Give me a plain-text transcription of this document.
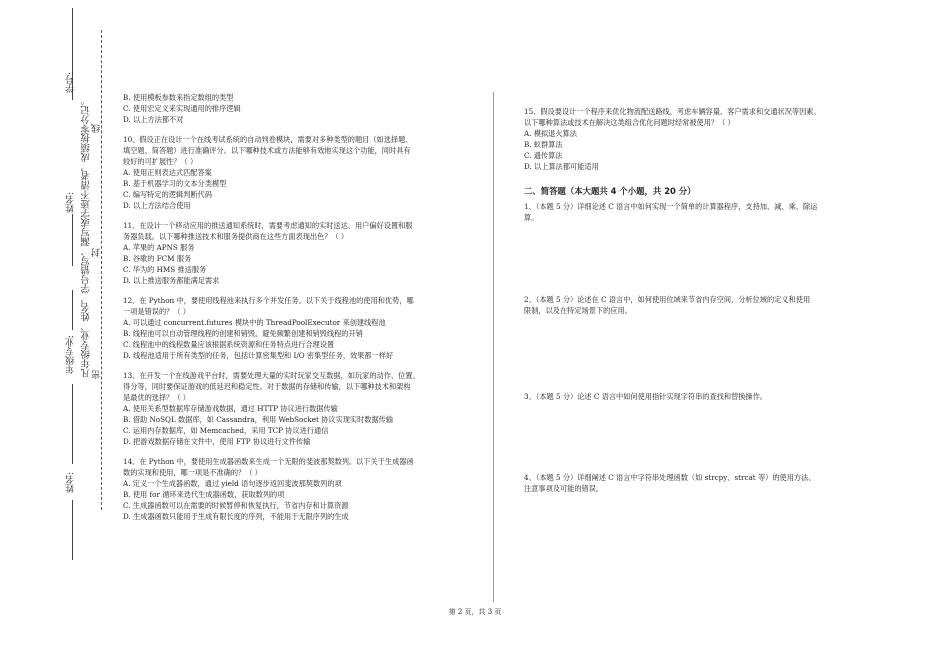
学号:
凡年级专业、姓名、学号错写、漏写或字迹不清者，成绩按零分记。 线
姓名:
封
年级专业:
密
姓名:

B. 使用模板参数来指定数组的类型

C. 使用宏定义来实现通用的排序逻辑

D. 以上方法都不对

10、假设正在设计一个在线考试系统的自动判卷模块，需要对多种类型的题目（如选择题、

填空题、简答题）进行准确评分。以下哪种技术或方法能够有效地实现这个功能，同时具有

较好的可扩展性？（ ）

A. 使用正则表达式匹配答案

B. 基于机器学习的文本分类模型

C. 编写特定的逻辑判断代码

D. 以上方法结合使用

11、在设计一个移动应用的推送通知系统时，需要考虑通知的实时送达、用户偏好设置和服

务器负载。以下哪种推送技术和服务提供商在这些方面表现出色？（ ）

A. 苹果的 APNS 服务

B. 谷歌的 FCM 服务

C. 华为的 HMS 推送服务

D. 以上推送服务都能满足需求

12、在 Python 中，要使用线程池来执行多个并发任务。以下关于线程池的使用和优势，哪

一项是错误的？（ ）

A. 可以通过 concurrent.futures 模块中的 ThreadPoolExecutor 来创建线程池

B. 线程池可以自动管理线程的创建和销毁，避免频繁创建和销毁线程的开销

C. 线程池中的线程数量应该根据系统资源和任务特点进行合理设置

D. 线程池适用于所有类型的任务，包括计算密集型和 I/O 密集型任务，效果都一样好

13、在开发一个在线游戏平台时，需要处理大量的实时玩家交互数据，如玩家的动作、位置、

得分等，同时要保证游戏的低延迟和稳定性。对于数据的存储和传输，以下哪种技术和架构

是最优的选择？（ ）

A. 使用关系型数据库存储游戏数据，通过 HTTP 协议进行数据传输

B. 借助 NoSQL 数据库，如 Cassandra，利用 WebSocket 协议实现实时数据传输

C. 运用内存数据库，如 Memcached，采用 TCP 协议进行通信

D. 把游戏数据存储在文件中，使用 FTP 协议进行文件传输

14、在 Python 中，要使用生成器函数来生成一个无限的斐波那契数列。以下关于生成器函

数的实现和使用，哪一项是不准确的？（ ）

A. 定义一个生成器函数，通过 yield 语句逐步返回斐波那契数列的项

B. 使用 for 循环来迭代生成器函数，获取数列的项

C. 生成器函数可以在需要的时候暂停和恢复执行，节省内存和计算资源

D. 生成器函数只能用于生成有限长度的序列，不能用于无限序列的生成

15、假设要设计一个程序来优化物流配送路线，考虑车辆容量、客户需求和交通状况等因素。

以下哪种算法或技术在解决这类组合优化问题时经常被使用？（ ）

A. 模拟退火算法

B. 蚁群算法

C. 遗传算法

D. 以上算法都可能适用

二、简答题（本大题共 4 个小题，共 20 分）

1、（本题 5 分）详细论述 C 语言中如何实现一个简单的计算器程序，支持加、减、乘、除运

算。

2、（本题 5 分）论述在 C 语言中，如何使用位域来节省内存空间，分析位域的定义和使用

限制，以及在特定场景下的应用。

3、（本题 5 分）论述 C 语言中如何使用指针实现字符串的查找和替换操作。

4、（本题 5 分）详细阐述 C 语言中字符串处理函数（如 strcpy、strcat 等）的使用方法、

注意事项及可能的错误。

第 2 页，共 3 页
